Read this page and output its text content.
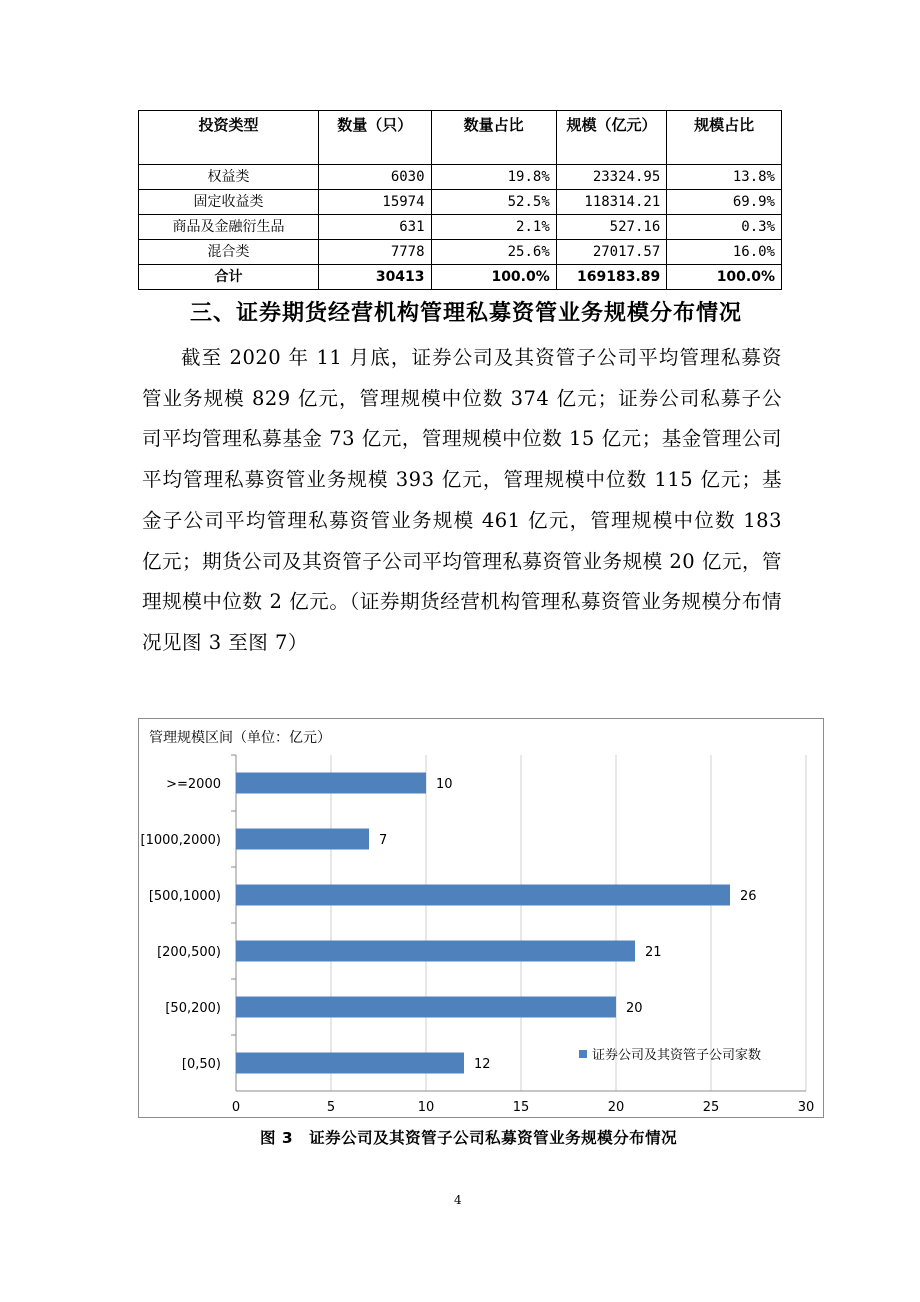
投资类型	数量（只）	数量占比	规模（亿元）	规模占比
权益类	6030	19.8%	23324.95	13.8%
固定收益类	15974	52.5%	118314.21	69.9%
商品及金融衍生品	631	2.1%	527.16	0.3%
混合类	7778	25.6%	27017.57	16.0%
合计	30413	100.0%	169183.89	100.0%
三、证券期货经营机构管理私募资管业务规模分布情况
截至 2020 年 11 月底，证券公司及其资管子公司平均管理私募资管业务规模 829 亿元，管理规模中位数 374 亿元；证券公司私募子公司平均管理私募基金 73 亿元，管理规模中位数 15 亿元；基金管理公司平均管理私募资管业务规模 393 亿元，管理规模中位数 115 亿元；基金子公司平均管理私募资管业务规模 461 亿元，管理规模中位数 183 亿元；期货公司及其资管子公司平均管理私募资管业务规模 20 亿元，管理规模中位数 2 亿元。（证券期货经营机构管理私募资管业务规模分布情况见图 3 至图 7）
管理规模区间（单位：亿元）
0	5	10	15	20	25	30
>=2000	10
[1000,2000)	7
[500,1000)	26
[200,500)	21
[50,200)	20
[0,50)	12
证券公司及其资管子公司家数
图 3　证券公司及其资管子公司私募资管业务规模分布情况
4
